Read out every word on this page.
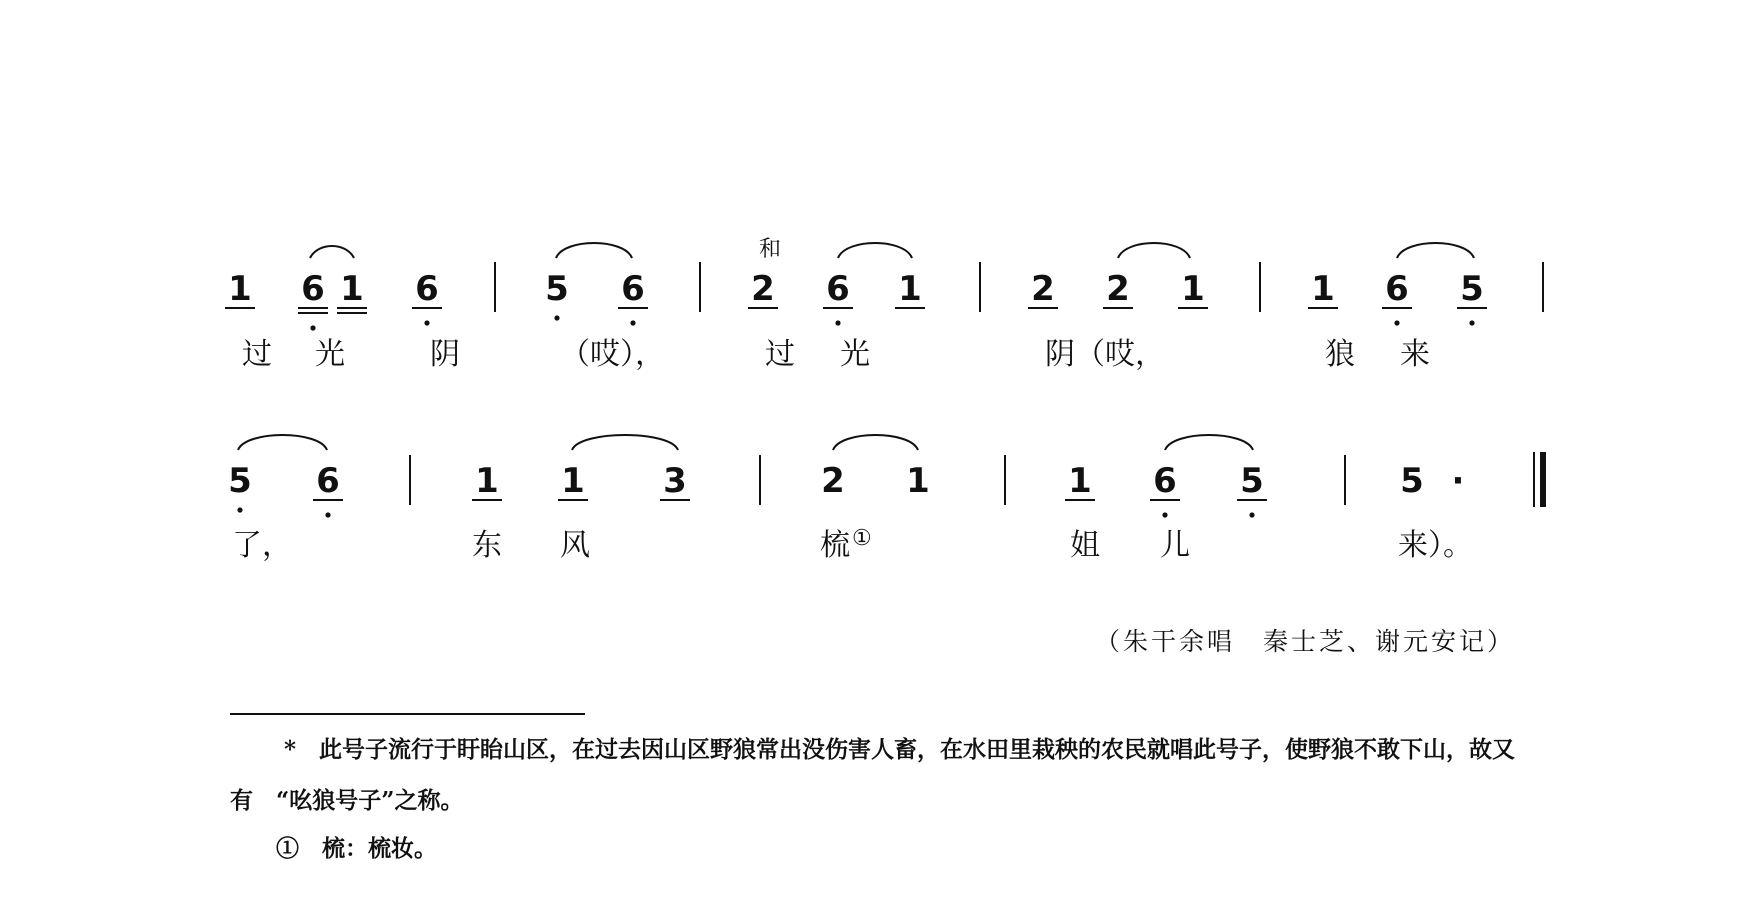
1 6 1 6	5 6	2 6 1	2 2 1	1 6 5
5 6	1 1 3	2 1	1 6 5	5 ·
和
过 光	阴	（哎），	过 光	阴（哎，	狼 来
了，	东 风	梳	姐 儿	来）。
①
（朱干余唱　秦士芝、谢元安记）
*　此号子流行于盱眙山区，在过去因山区野狼常出没伤害人畜，在水田里栽秧的农民就唱此号子，使野狼不敢下山，故又
有　“吆狼号子”之称。
①　梳：梳妆。
